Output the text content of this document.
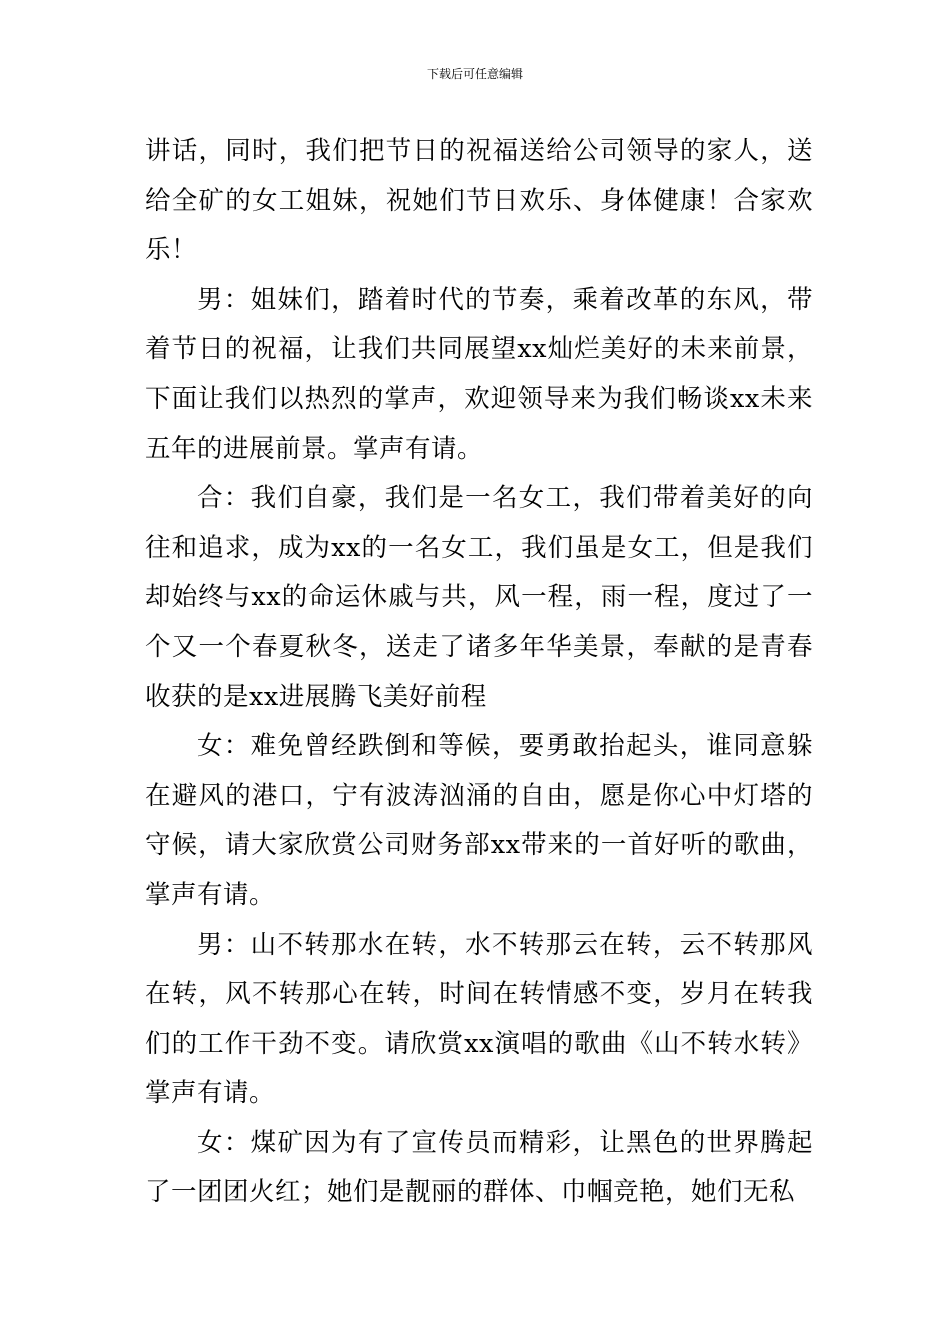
下载后可任意编辑

讲话，同时，我们把节日的祝福送给公司领导的家人，送给全矿的女工姐妹，祝她们节日欢乐、身体健康！合家欢乐！

男：姐妹们，踏着时代的节奏，乘着改革的东风，带着节日的祝福，让我们共同展望xx灿烂美好的未来前景，下面让我们以热烈的掌声，欢迎领导来为我们畅谈xx未来五年的进展前景。掌声有请。

合：我们自豪，我们是一名女工，我们带着美好的向往和追求，成为xx的一名女工，我们虽是女工，但是我们却始终与xx的命运休戚与共，风一程，雨一程，度过了一个又一个春夏秋冬，送走了诸多年华美景，奉献的是青春收获的是xx进展腾飞美好前程

女：难免曾经跌倒和等候，要勇敢抬起头，谁同意躲在避风的港口，宁有波涛汹涌的自由，愿是你心中灯塔的守候，请大家欣赏公司财务部xx带来的一首好听的歌曲，掌声有请。

男：山不转那水在转，水不转那云在转，云不转那风在转，风不转那心在转，时间在转情感不变，岁月在转我们的工作干劲不变。请欣赏xx演唱的歌曲《山不转水转》掌声有请。

女：煤矿因为有了宣传员而精彩，让黑色的世界腾起了一团团火红；她们是靓丽的群体、巾帼竞艳，她们无私
